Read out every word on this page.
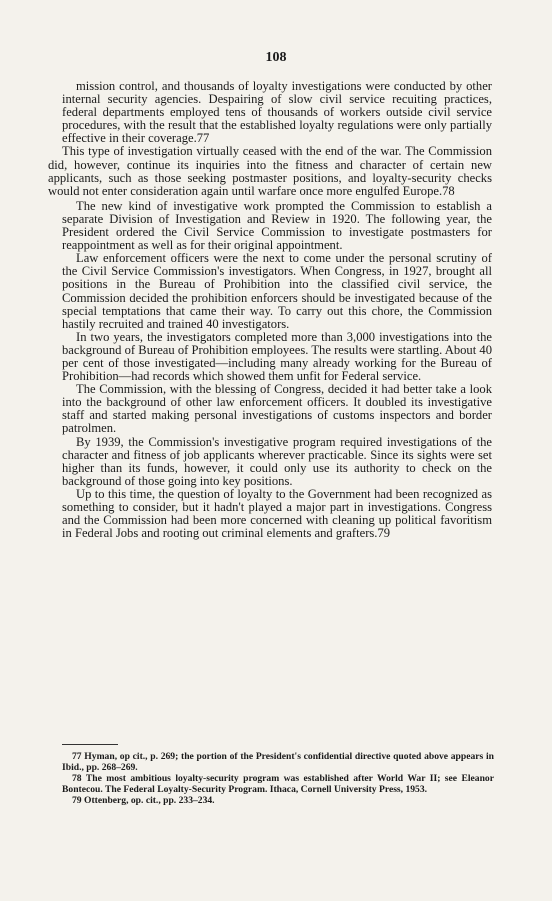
108

mission control, and thousands of loyalty investigations were conducted by other internal security agencies. Despairing of slow civil service recuiting practices, federal departments employed tens of thousands of workers outside civil service procedures, with the result that the established loyalty regulations were only partially effective in their coverage.77

This type of investigation virtually ceased with the end of the war. The Commission did, however, continue its inquiries into the fitness and character of certain new applicants, such as those seeking postmaster positions, and loyalty-security checks would not enter consideration again until warfare once more engulfed Europe.78

The new kind of investigative work prompted the Commission to establish a separate Division of Investigation and Review in 1920. The following year, the President ordered the Civil Service Commission to investigate postmasters for reappointment as well as for their original appointment.

Law enforcement officers were the next to come under the personal scrutiny of the Civil Service Commission's investigators. When Congress, in 1927, brought all positions in the Bureau of Prohibition into the classified civil service, the Commission decided the prohibition enforcers should be investigated because of the special temptations that came their way. To carry out this chore, the Commission hastily recruited and trained 40 investigators.

In two years, the investigators completed more than 3,000 investigations into the background of Bureau of Prohibition employees. The results were startling. About 40 per cent of those investigated—including many already working for the Bureau of Prohibition—had records which showed them unfit for Federal service.

The Commission, with the blessing of Congress, decided it had better take a look into the background of other law enforcement officers. It doubled its investigative staff and started making personal investigations of customs inspectors and border patrolmen.

By 1939, the Commission's investigative program required investigations of the character and fitness of job applicants wherever practicable. Since its sights were set higher than its funds, however, it could only use its authority to check on the background of those going into key positions.

Up to this time, the question of loyalty to the Government had been recognized as something to consider, but it hadn't played a major part in investigations. Congress and the Commission had been more concerned with cleaning up political favoritism in Federal Jobs and rooting out criminal elements and grafters.79

77 Hyman, op cit., p. 269; the portion of the President's confidential directive quoted above appears in Ibid., pp. 268–269.

78 The most ambitious loyalty-security program was established after World War II; see Eleanor Bontecou. The Federal Loyalty-Security Program. Ithaca, Cornell University Press, 1953.

79 Ottenberg, op. cit., pp. 233–234.
